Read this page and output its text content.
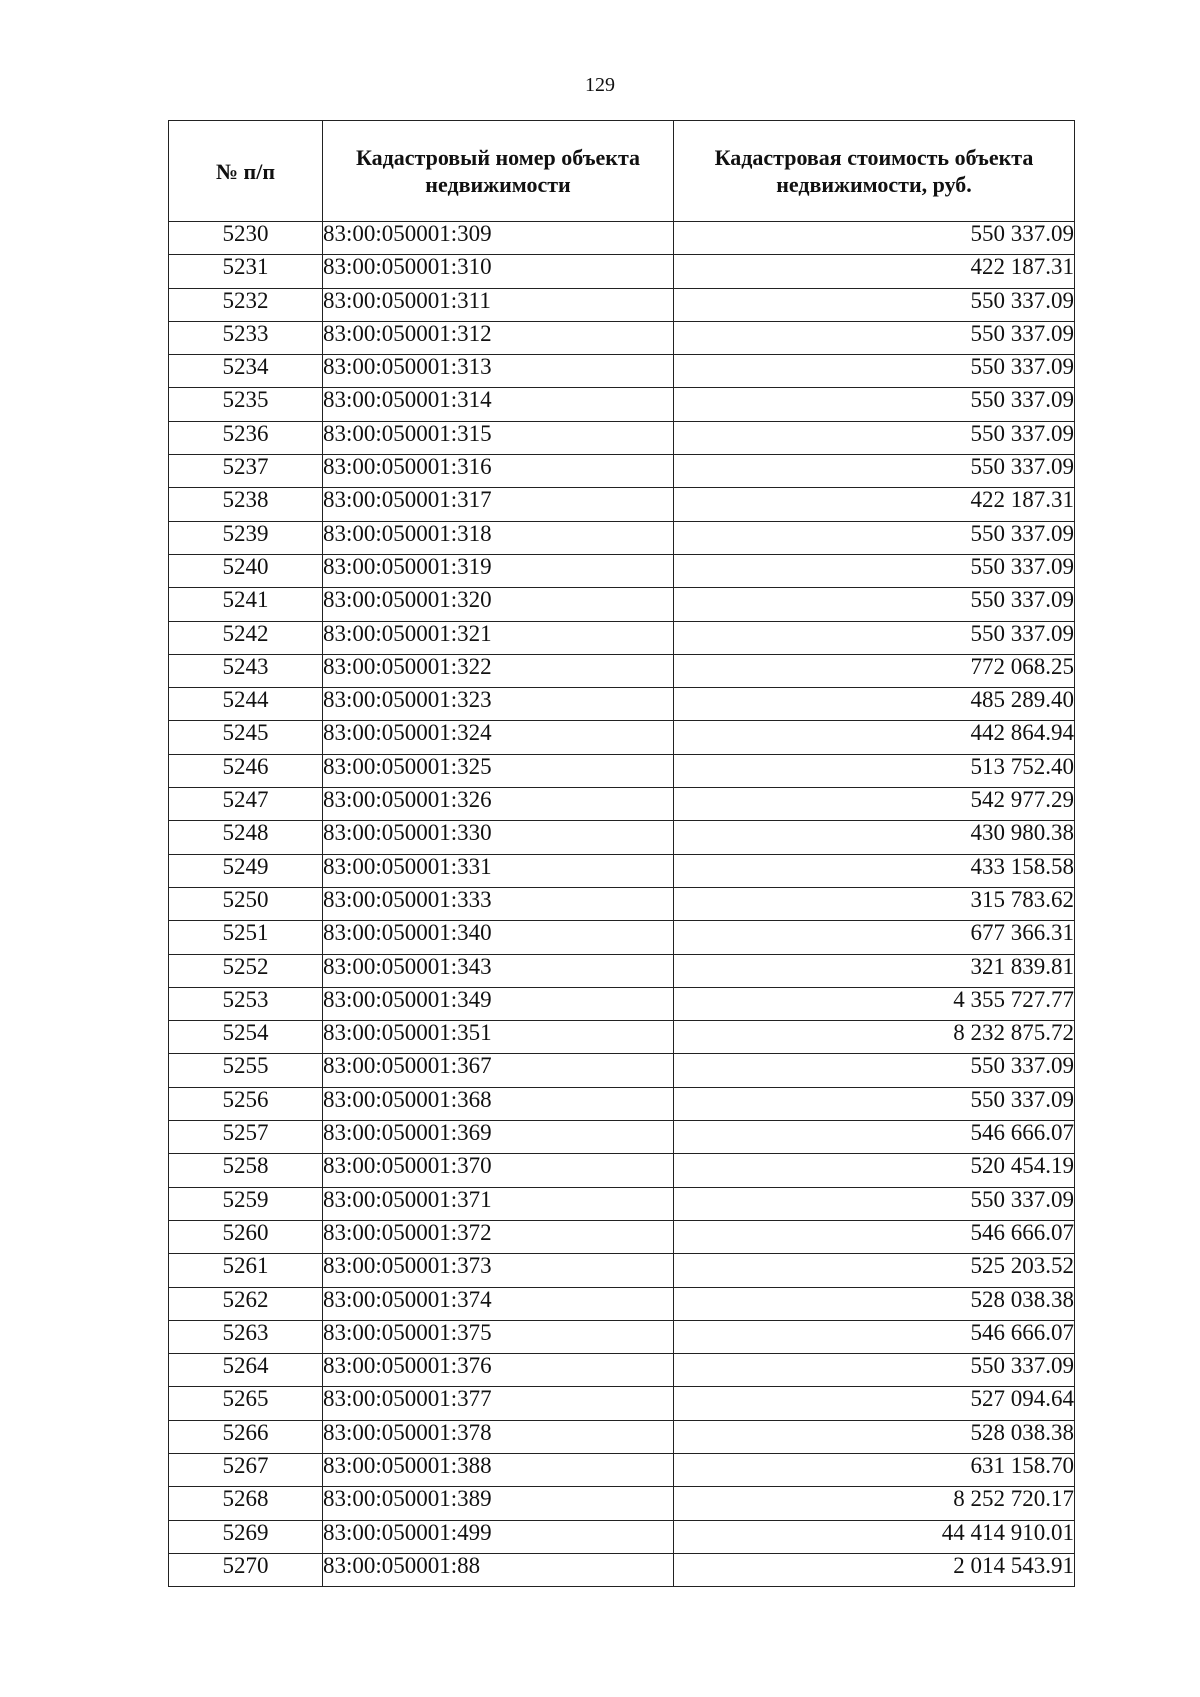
129
№ п/п	Кадастровый номер объекта недвижимости	Кадастровая стоимость объекта недвижимости, руб.
5230	83:00:050001:309	550 337.09
5231	83:00:050001:310	422 187.31
5232	83:00:050001:311	550 337.09
5233	83:00:050001:312	550 337.09
5234	83:00:050001:313	550 337.09
5235	83:00:050001:314	550 337.09
5236	83:00:050001:315	550 337.09
5237	83:00:050001:316	550 337.09
5238	83:00:050001:317	422 187.31
5239	83:00:050001:318	550 337.09
5240	83:00:050001:319	550 337.09
5241	83:00:050001:320	550 337.09
5242	83:00:050001:321	550 337.09
5243	83:00:050001:322	772 068.25
5244	83:00:050001:323	485 289.40
5245	83:00:050001:324	442 864.94
5246	83:00:050001:325	513 752.40
5247	83:00:050001:326	542 977.29
5248	83:00:050001:330	430 980.38
5249	83:00:050001:331	433 158.58
5250	83:00:050001:333	315 783.62
5251	83:00:050001:340	677 366.31
5252	83:00:050001:343	321 839.81
5253	83:00:050001:349	4 355 727.77
5254	83:00:050001:351	8 232 875.72
5255	83:00:050001:367	550 337.09
5256	83:00:050001:368	550 337.09
5257	83:00:050001:369	546 666.07
5258	83:00:050001:370	520 454.19
5259	83:00:050001:371	550 337.09
5260	83:00:050001:372	546 666.07
5261	83:00:050001:373	525 203.52
5262	83:00:050001:374	528 038.38
5263	83:00:050001:375	546 666.07
5264	83:00:050001:376	550 337.09
5265	83:00:050001:377	527 094.64
5266	83:00:050001:378	528 038.38
5267	83:00:050001:388	631 158.70
5268	83:00:050001:389	8 252 720.17
5269	83:00:050001:499	44 414 910.01
5270	83:00:050001:88	2 014 543.91
